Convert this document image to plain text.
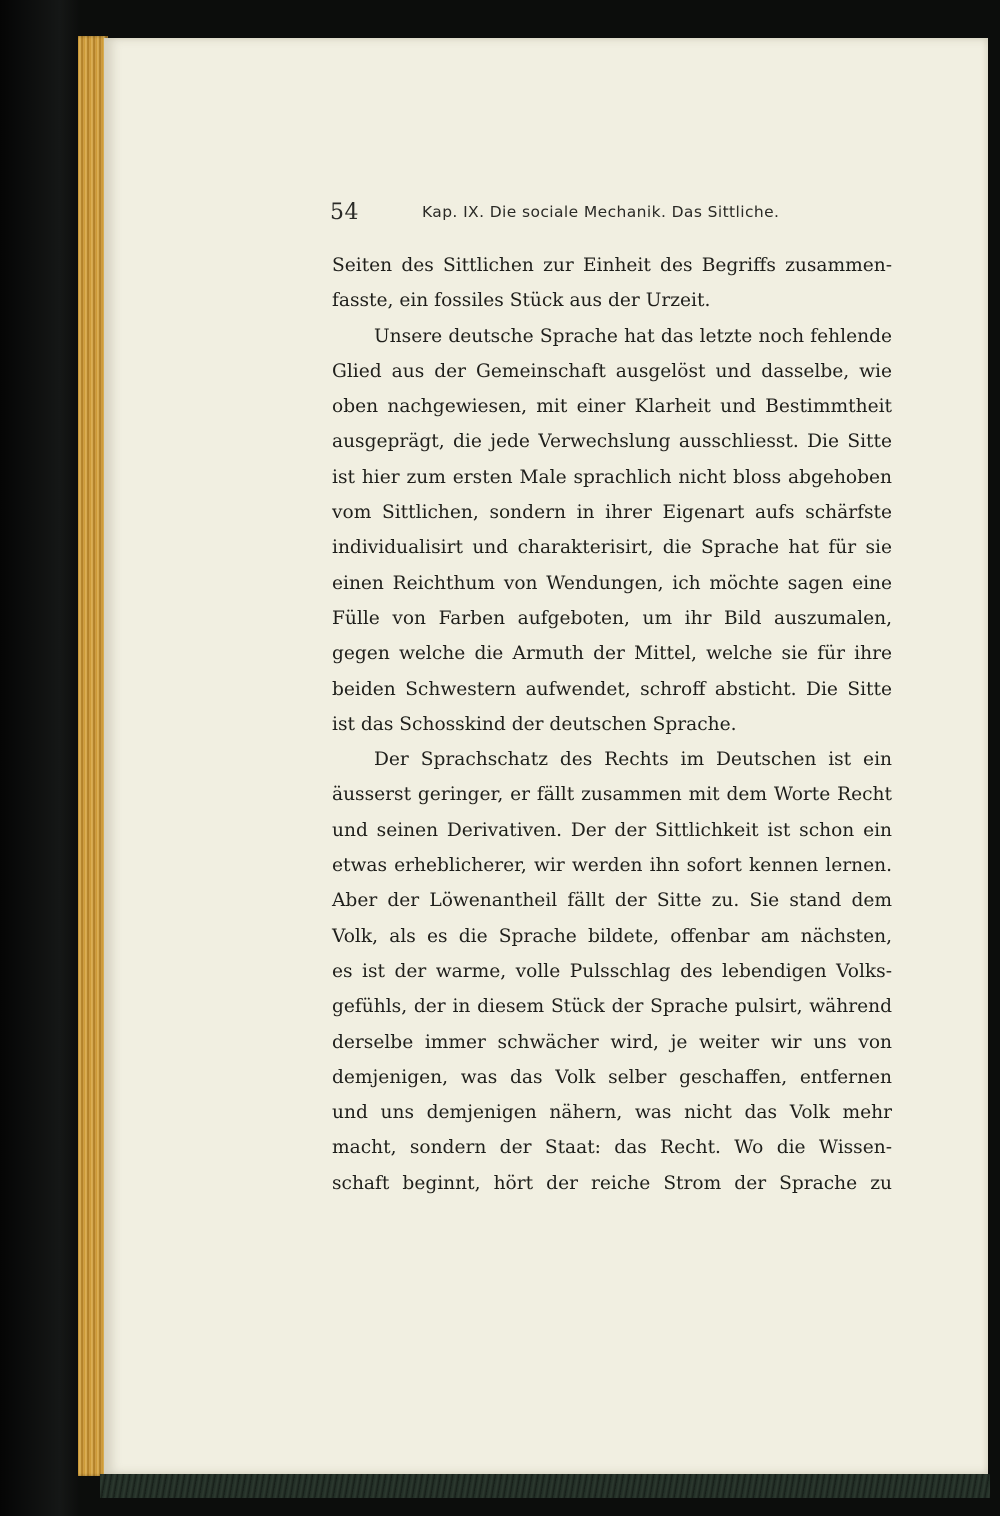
54	Kap. IX. Die sociale Mechanik. Das Sittliche.
Seiten des Sittlichen zur Einheit des Begriffs zusammen-
fasste, ein fossiles Stück aus der Urzeit.
Unsere deutsche Sprache hat das letzte noch fehlende
Glied aus der Gemeinschaft ausgelöst und dasselbe, wie
oben nachgewiesen, mit einer Klarheit und Bestimmtheit
ausgeprägt, die jede Verwechslung ausschliesst. Die Sitte
ist hier zum ersten Male sprachlich nicht bloss abgehoben
vom Sittlichen, sondern in ihrer Eigenart aufs schärfste
individualisirt und charakterisirt, die Sprache hat für sie
einen Reichthum von Wendungen, ich möchte sagen eine
Fülle von Farben aufgeboten, um ihr Bild auszumalen,
gegen welche die Armuth der Mittel, welche sie für ihre
beiden Schwestern aufwendet, schroff absticht. Die Sitte
ist das Schosskind der deutschen Sprache.
Der Sprachschatz des Rechts im Deutschen ist ein
äusserst geringer, er fällt zusammen mit dem Worte Recht
und seinen Derivativen. Der der Sittlichkeit ist schon ein
etwas erheblicherer, wir werden ihn sofort kennen lernen.
Aber der Löwenantheil fällt der Sitte zu. Sie stand dem
Volk, als es die Sprache bildete, offenbar am nächsten,
es ist der warme, volle Pulsschlag des lebendigen Volks-
gefühls, der in diesem Stück der Sprache pulsirt, während
derselbe immer schwächer wird, je weiter wir uns von
demjenigen, was das Volk selber geschaffen, entfernen
und uns demjenigen nähern, was nicht das Volk mehr
macht, sondern der Staat: das Recht. Wo die Wissen-
schaft beginnt, hört der reiche Strom der Sprache zu
